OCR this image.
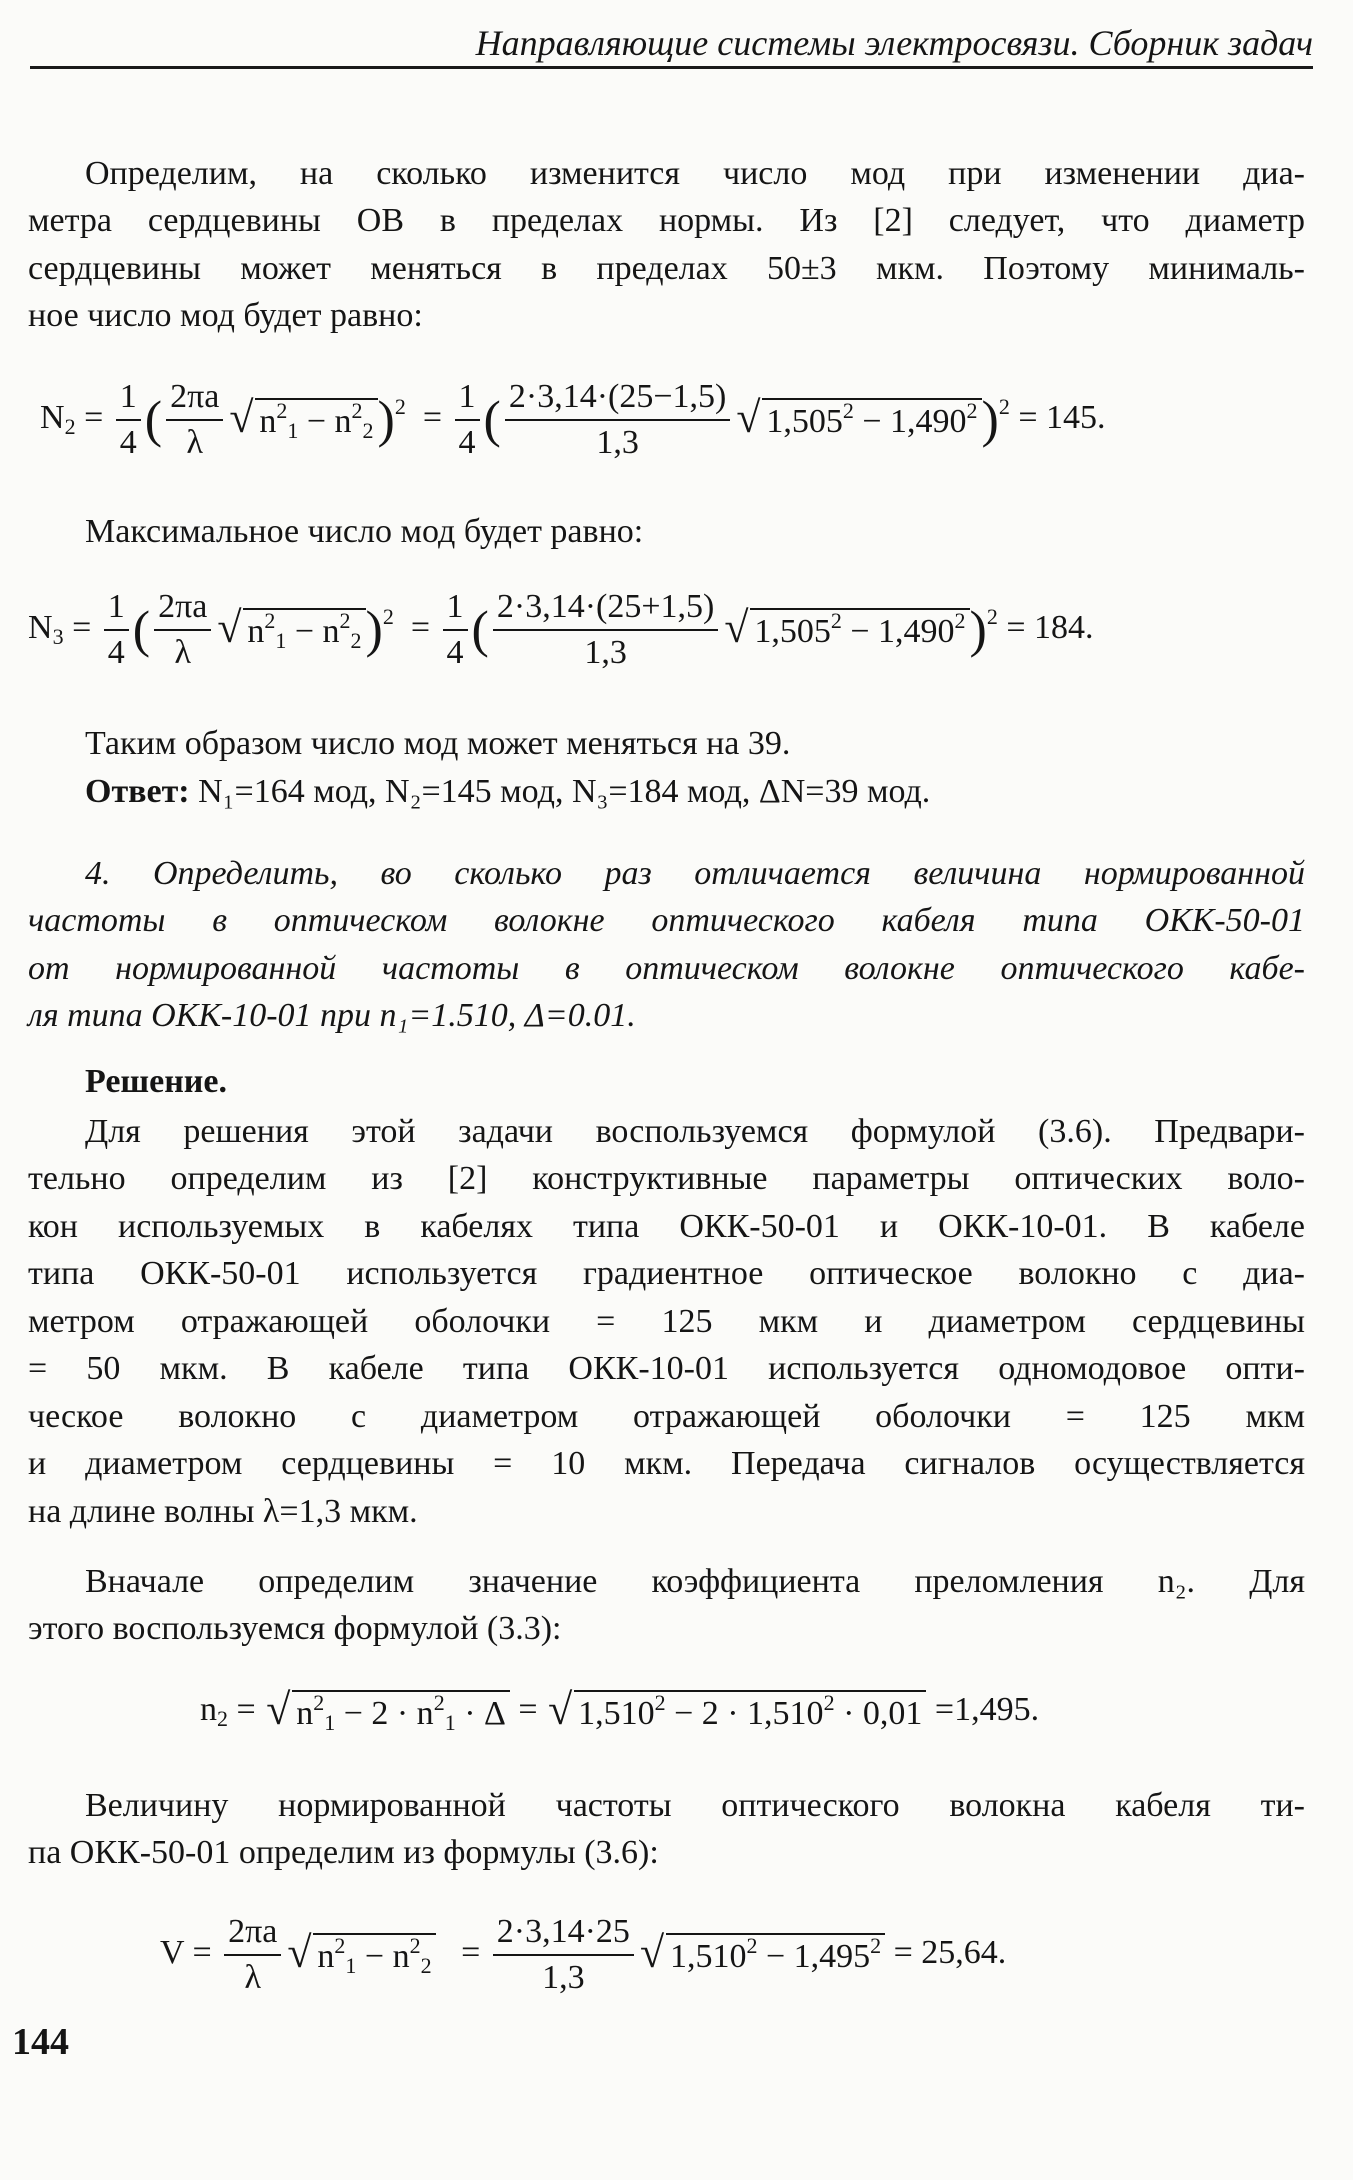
Направляющие системы электросвязи. Сборник задач
Определим, на сколько изменится число мод при изменении диа-
метра сердцевины ОВ в пределах нормы. Из [2] следует, что диаметр
сердцевины может меняться в пределах 50±3 мкм. Поэтому минималь-
ное число мод будет равно:
$N_2 = \frac{1}{4}$ ( $\frac{2\pi a}{\lambda}$ √ $n^2_1 - n^2_2)^2 = \frac{1}{4}$ ( $\frac{2\cdot 3,14\cdot(25-1,5)}{1,3}$ √ $1,505^2 - 1,490^2)^2 = 145$.
Максимальное число мод будет равно:
$N_3 = \frac{1}{4}$ ( $\frac{2\pi a}{\lambda}$ √ $n^2_1 - n^2_2)^2 = \frac{1}{4}$ ( $\frac{2\cdot 3,14\cdot(25+1,5)}{1,3}$ √ $1,505^2 - 1,490^2)^2 = 184$.
Таким образом число мод может меняться на 39.
Ответ: N₁=164 мод, N₂=145 мод, N₃=184 мод, ΔN=39 мод.
4. Определить, во сколько раз отличается величина нормированной
частоты в оптическом волокне оптического кабеля типа ОКК-50-01
от нормированной частоты в оптическом волокне оптического кабе-
ля типа ОКК-10-01 при n₁=1.510, Δ=0.01.
Решение.
Для решения этой задачи воспользуемся формулой (3.6). Предвари-
тельно определим из [2] конструктивные параметры оптических воло-
кон используемых в кабелях типа ОКК-50-01 и ОКК-10-01. В кабеле
типа ОКК-50-01 используется градиентное оптическое волокно с диа-
метром отражающей оболочки = 125 мкм и диаметром сердцевины
= 50 мкм. В кабеле типа ОКК-10-01 используется одномодовое опти-
ческое волокно с диаметром отражающей оболочки = 125 мкм
и диаметром сердцевины = 10 мкм. Передача сигналов осуществляется
на длине волны λ=1,3 мкм.
Вначале определим значение коэффициента преломления n₂. Для
этого воспользуемся формулой (3.3):
$n_2$ = √ $n^2_1 - 2 \cdot n^2_1 \cdot \Delta$ = √ $1,510^2 - 2 \cdot 1,510^2 \cdot 0,01 =1,495$.
Величину нормированной частоты оптического волокна кабеля ти-
па ОКК-50-01 определим из формулы (3.6):
$V = \frac{2\pi a}{\lambda}$ √ $n^2_1 - n^2_2 = \frac{2\cdot 3,14\cdot 25}{1,3}$ √ $1,510^2 - 1,495^2 = 25,64$.
144
